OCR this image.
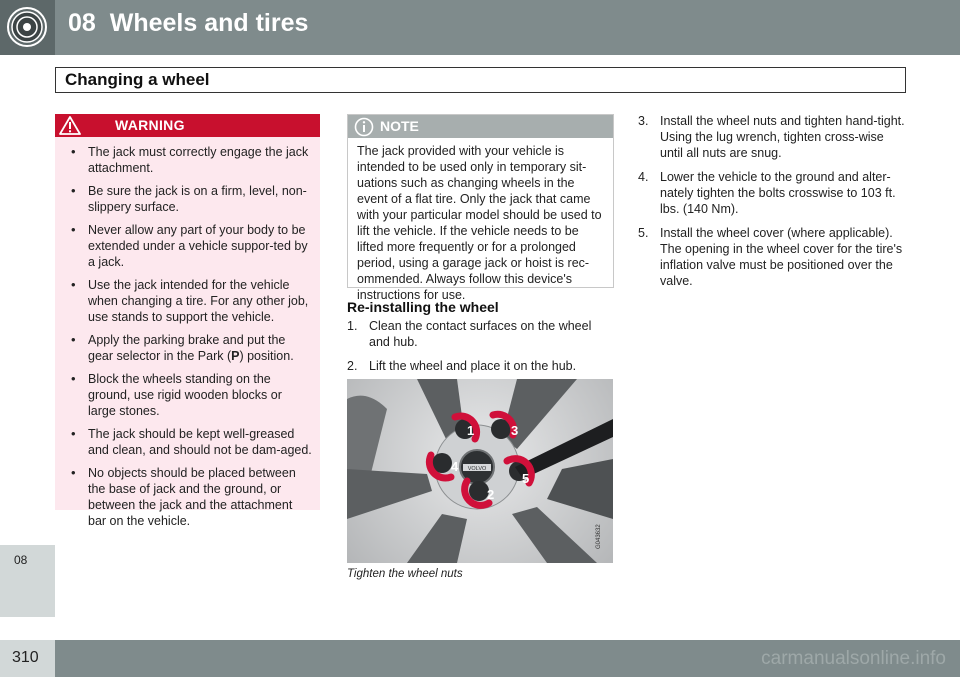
08 Wheels and tires
Changing a wheel
08
WARNING
• The jack must correctly engage the jack attachment.
• Be sure the jack is on a firm, level, non-slippery surface.
• Never allow any part of your body to be extended under a vehicle suppor-ted by a jack.
• Use the jack intended for the vehicle when changing a tire. For any other job, use stands to support the vehicle.
• Apply the parking brake and put the gear selector in the Park (P) position.
• Block the wheels standing on the ground, use rigid wooden blocks or large stones.
• The jack should be kept well-greased and clean, and should not be dam-aged.
• No objects should be placed between the base of jack and the ground, or between the jack and the attachment bar on the vehicle.
NOTE

The jack provided with your vehicle is intended to be used only in temporary sit-uations such as changing wheels in the event of a flat tire. Only the jack that came with your particular model should be used to lift the vehicle. If the vehicle needs to be lifted more frequently or for a prolonged period, using a garage jack or hoist is rec-ommended. Always follow this device's instructions for use.

Re-installing the wheel
1. Clean the contact surfaces on the wheel and hub.
2. Lift the wheel and place it on the hub.
VOLVO
1
2
3
4
5
G043632
Tighten the wheel nuts
3. Install the wheel nuts and tighten hand-tight. Using the lug wrench, tighten cross-wise until all nuts are snug.
4. Lower the vehicle to the ground and alter-nately tighten the bolts crosswise to 103 ft. lbs. (140 Nm).
5. Install the wheel cover (where applicable). The opening in the wheel cover for the tire's inflation valve must be positioned over the valve.
310	carmanualsonline.info
